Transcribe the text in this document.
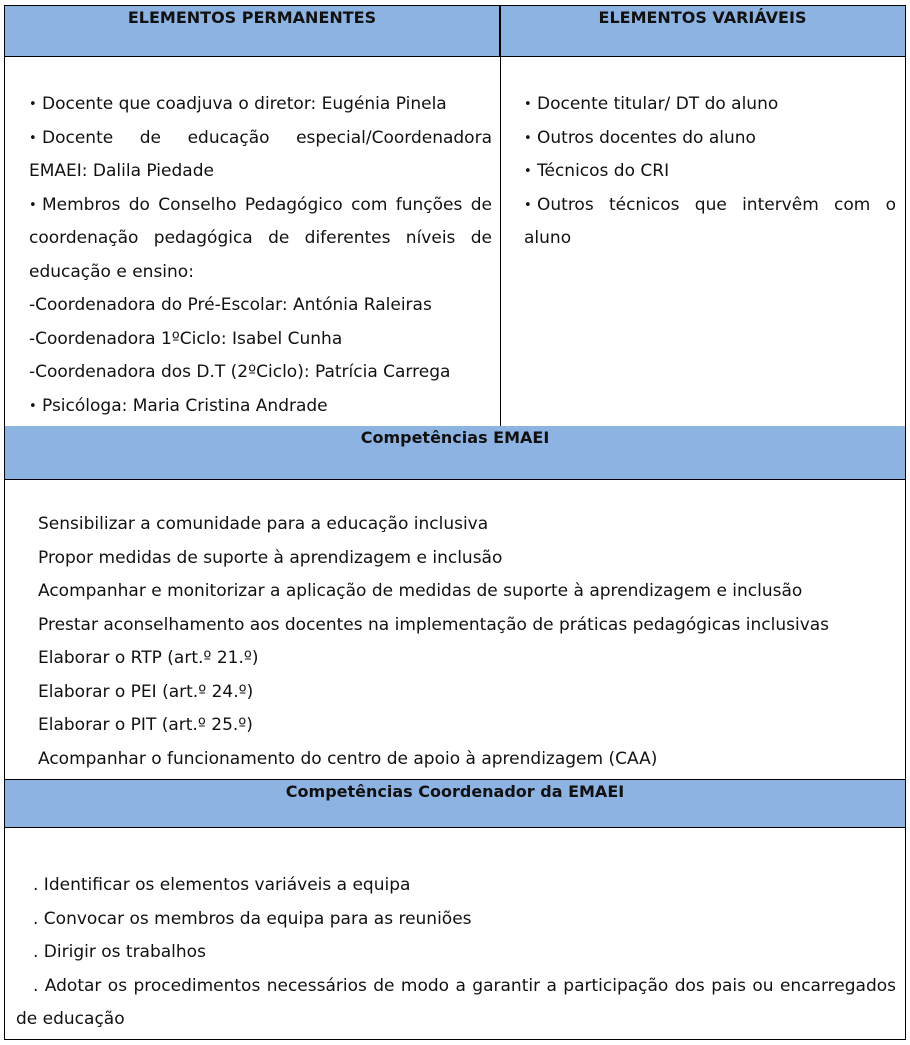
ELEMENTOS PERMANENTES	ELEMENTOS VARIÁVEIS
• Docente que coadjuva o diretor: Eugénia Pinela
• Docente de educação especial/Coordenadora EMAEI: Dalila Piedade
• Membros do Conselho Pedagógico com funções de coordenação pedagógica de diferentes níveis de educação e ensino:
-Coordenadora do Pré-Escolar: Antónia Raleiras
-Coordenadora 1ºCiclo: Isabel Cunha
-Coordenadora dos D.T (2ºCiclo): Patrícia Carrega
• Psicóloga: Maria Cristina Andrade
• Docente titular/ DT do aluno
• Outros docentes do aluno
• Técnicos do CRI
• Outros técnicos que intervêm com o aluno
Competências EMAEI
Sensibilizar a comunidade para a educação inclusiva
Propor medidas de suporte à aprendizagem e inclusão
Acompanhar e monitorizar a aplicação de medidas de suporte à aprendizagem e inclusão
Prestar aconselhamento aos docentes na implementação de práticas pedagógicas inclusivas
Elaborar o RTP (art.º 21.º)
Elaborar o PEI (art.º 24.º)
Elaborar o PIT (art.º 25.º)
Acompanhar o funcionamento do centro de apoio à aprendizagem (CAA)
Competências Coordenador da EMAEI
. Identificar os elementos variáveis a equipa
. Convocar os membros da equipa para as reuniões
. Dirigir os trabalhos
. Adotar os procedimentos necessários de modo a garantir a participação dos pais ou encarregados de educação
